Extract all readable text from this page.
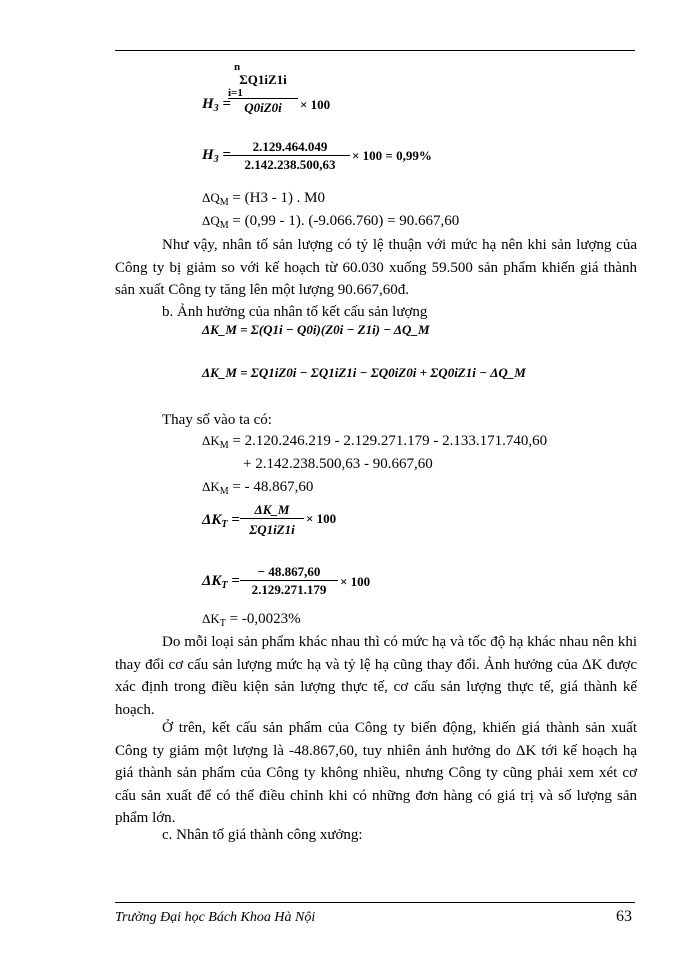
$H_3$ =
n
ΣQ1iZ1i
i=1
Q0iZ0i	× 100
$H_3$ =
2.129.464.049
2.142.238.500,63
× 100 = 0,99%
$\Delta Q_M = (H3 - 1)$ . M0
$\Delta Q_M = (0,99 - 1)$. (-9.066.760) = 90.667,60
Như vậy, nhân tố sản lượng có tỷ lệ thuận với mức hạ nên khi sản lượng của Công ty bị giảm so với kế hoạch từ 60.030 xuống 59.500 sản phẩm khiến giá thành sản xuất Công ty tăng lên một lượng 90.667,60đ.
b. Ảnh hưởng của nhân tố kết cấu sản lượng
ΔK_M = Σ(Q1i − Q0i)(Z0i − Z1i) − ΔQ_M
ΔK_M = ΣQ1iZ0i − ΣQ1iZ1i − ΣQ0iZ0i + ΣQ0iZ1i − ΔQ_M
Thay số vào ta có:
$\Delta K_M = 2.120.246.219 - 2.129.271.179 - 2.133.171.740,60$
+ 2.142.238.500,63 - 90.667,60
$\Delta K_M$ = - 48.867,60
$\Delta K_T$ =
ΔK_M
ΣQ1iZ1i
× 100
$\Delta K_T$ =
− 48.867,60
2.129.271.179
× 100
$\Delta K_T = -0,0023\%$
Do mỗi loại sản phẩm khác nhau thì có mức hạ và tốc độ hạ khác nhau nên khi thay đổi cơ cấu sản lượng mức hạ và tỷ lệ hạ cũng thay đổi. Ảnh hưởng của ΔK được xác định trong điều kiện sản lượng thực tế, cơ cấu sản lượng thực tế, giá thành kế hoạch.
Ở trên, kết cấu sản phẩm của Công ty biến động, khiến giá thành sản xuất Công ty giảm một lượng là -48.867,60, tuy nhiên ảnh hưởng do ΔK tới kế hoạch hạ giá thành sản phẩm của Công ty không nhiều, nhưng Công ty cũng phải xem xét cơ cấu sản xuất để có thể điều chỉnh khi có những đơn hàng có giá trị và số lượng sản phẩm lớn.
c. Nhân tố giá thành công xưởng:
Trường Đại học Bách Khoa Hà Nội	63
